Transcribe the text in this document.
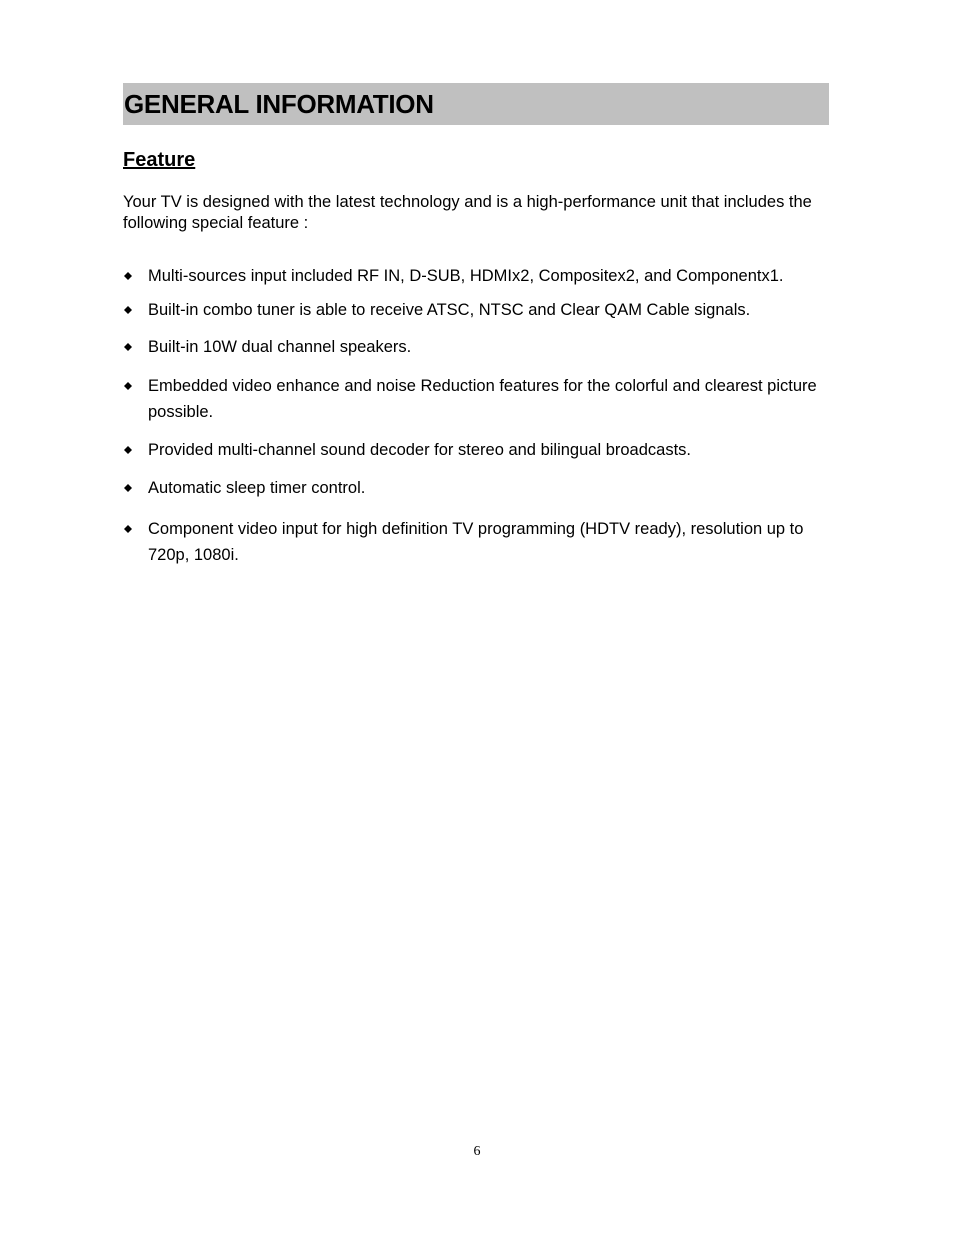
GENERAL INFORMATION
Feature

Your TV is designed with the latest technology and is a high-performance unit that includes the following special feature :

Multi-sources input included RF IN, D-SUB, HDMIx2, Compositex2, and Componentx1.
Built-in combo tuner is able to receive ATSC, NTSC and Clear QAM Cable signals.
Built-in 10W dual channel speakers.
Embedded video enhance and noise Reduction features for the colorful and clearest picture possible.
Provided multi-channel sound decoder for stereo and bilingual broadcasts.
Automatic sleep timer control.
Component video input for high definition TV programming (HDTV ready), resolution up to 720p, 1080i.
6
